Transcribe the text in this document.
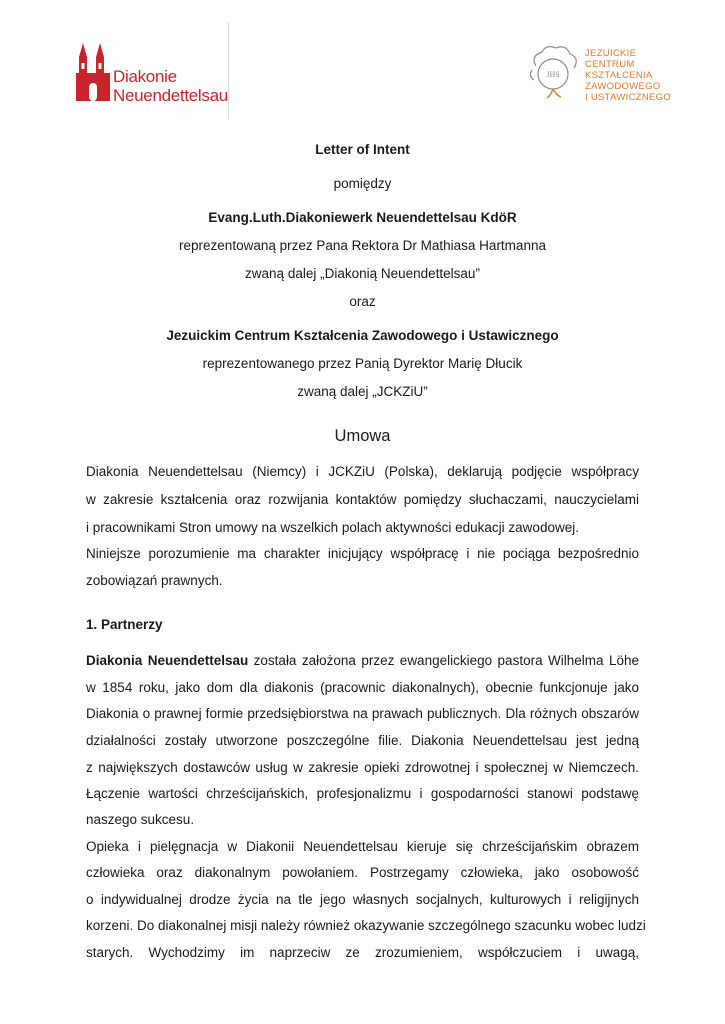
Diakonie
Neuendettelsau
JHS
JEZUICKIE CENTRUM
KSZTAŁCENIA
ZAWODOWEGO
I USTAWICZNEGO
Letter of Intent
pomiędzy
Evang.Luth.Diakoniewerk Neuendettelsau KdöR
reprezentowaną przez Pana Rektora Dr Mathiasa Hartmanna
zwaną dalej „Diakonią Neuendettelsau”
oraz
Jezuickim Centrum Kształcenia Zawodowego i Ustawicznego
reprezentowanego przez Panią Dyrektor Marię Dłucik
zwaną dalej „JCKZiU”
Umowa
Diakonia Neuendettelsau (Niemcy) i JCKZiU (Polska), deklarują podjęcie współpracy
w zakresie kształcenia oraz rozwijania kontaktów pomiędzy słuchaczami, nauczycielami
i pracownikami Stron umowy na wszelkich polach aktywności edukacji zawodowej.
Niniejsze porozumienie ma charakter inicjujący współpracę i nie pociąga bezpośrednio
zobowiązań prawnych.
1. Partnerzy
Diakonia Neuendettelsau została założona przez ewangelickiego pastora Wilhelma Löhe
w 1854 roku, jako dom dla diakonis (pracownic diakonalnych), obecnie funkcjonuje jako
Diakonia o prawnej formie przedsiębiorstwa na prawach publicznych. Dla różnych obszarów
działalności zostały utworzone poszczególne filie. Diakonia Neuendettelsau jest jedną
z największych dostawców usług w zakresie opieki zdrowotnej i społecznej w Niemczech.
Łączenie wartości chrześcijańskich, profesjonalizmu i gospodarności stanowi podstawę
naszego sukcesu.
Opieka i pielęgnacja w Diakonii Neuendettelsau kieruje się chrześcijańskim obrazem
człowieka oraz diakonalnym powołaniem. Postrzegamy człowieka, jako osobowość
o indywidualnej drodze życia na tle jego własnych socjalnych, kulturowych i religijnych
korzeni. Do diakonalnej misji należy również okazywanie szczególnego szacunku wobec ludzi
starych. Wychodzimy im naprzeciw ze zrozumieniem, współczuciem i uwagą,
